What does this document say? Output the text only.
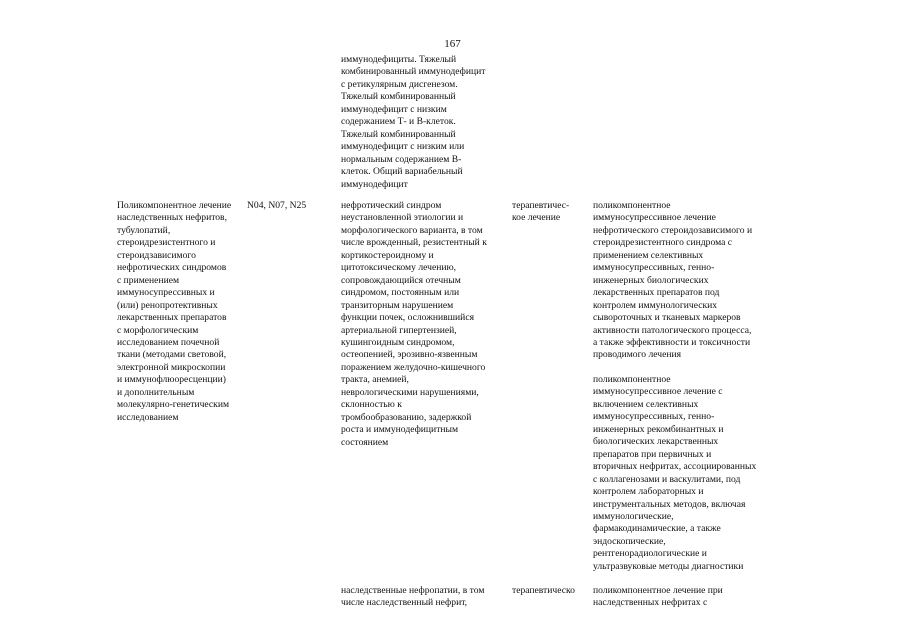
167
иммунодефициты. Тяжелый
комбинированный иммунодефицит
с ретикулярным дисгенезом.
Тяжелый комбинированный
иммунодефицит с низким
содержанием Т- и В-клеток.
Тяжелый комбинированный
иммунодефицит с низким или
нормальным содержанием В-
клеток. Общий вариабельный
иммунодефицит
Поликомпонентное лечение
наследственных нефритов,
тубулопатий,
стероидрезистентного и
стероидзависимого
нефротических синдромов
с применением
иммуносупрессивных и
(или) ренопротективных
лекарственных препаратов
с морфологическим
исследованием почечной
ткани (методами световой,
электронной микроскопии
и иммунофлюоресценции)
и дополнительным
молекулярно-генетическим
исследованием
N04, N07, N25	нефротический синдром
неустановленной этиологии и
морфологического варианта, в том
числе врожденный, резистентный к
кортикостероидному и
цитотоксическому лечению,
сопровождающийся отечным
синдромом, постоянным или
транзиторным нарушением
функции почек, осложнившийся
артериальной гипертензией,
кушингоидным синдромом,
остеопенией, эрозивно-язвенным
поражением желудочно-кишечного
тракта, анемией,
неврологическими нарушениями,
склонностью к
тромбообразованию, задержкой
роста и иммунодефицитным
состоянием
терапевтичес-
кое лечение
поликомпонентное
иммуносупрессивное лечение
нефротического стероидозависимого и
стероидрезистентного синдрома с
применением селективных
иммуносупрессивных, генно-
инженерных биологических
лекарственных препаратов под
контролем иммунологических
сывороточных и тканевых маркеров
активности патологического процесса,
а также эффективности и токсичности
проводимого лечения
поликомпонентное
иммуносупрессивное лечение с
включением селективных
иммуносупрессивных, генно-
инженерных рекомбинантных и
биологических лекарственных
препаратов при первичных и
вторичных нефритах, ассоциированных
с коллагенозами и васкулитами, под
контролем лабораторных и
инструментальных методов, включая
иммунологические,
фармакодинамические, а также
эндоскопические,
рентгенорадиологические и
ультразвуковые методы диагностики
наследственные нефропатии, в том
числе наследственный нефрит,
терапевтическо	поликомпонентное лечение при
наследственных нефритах с
